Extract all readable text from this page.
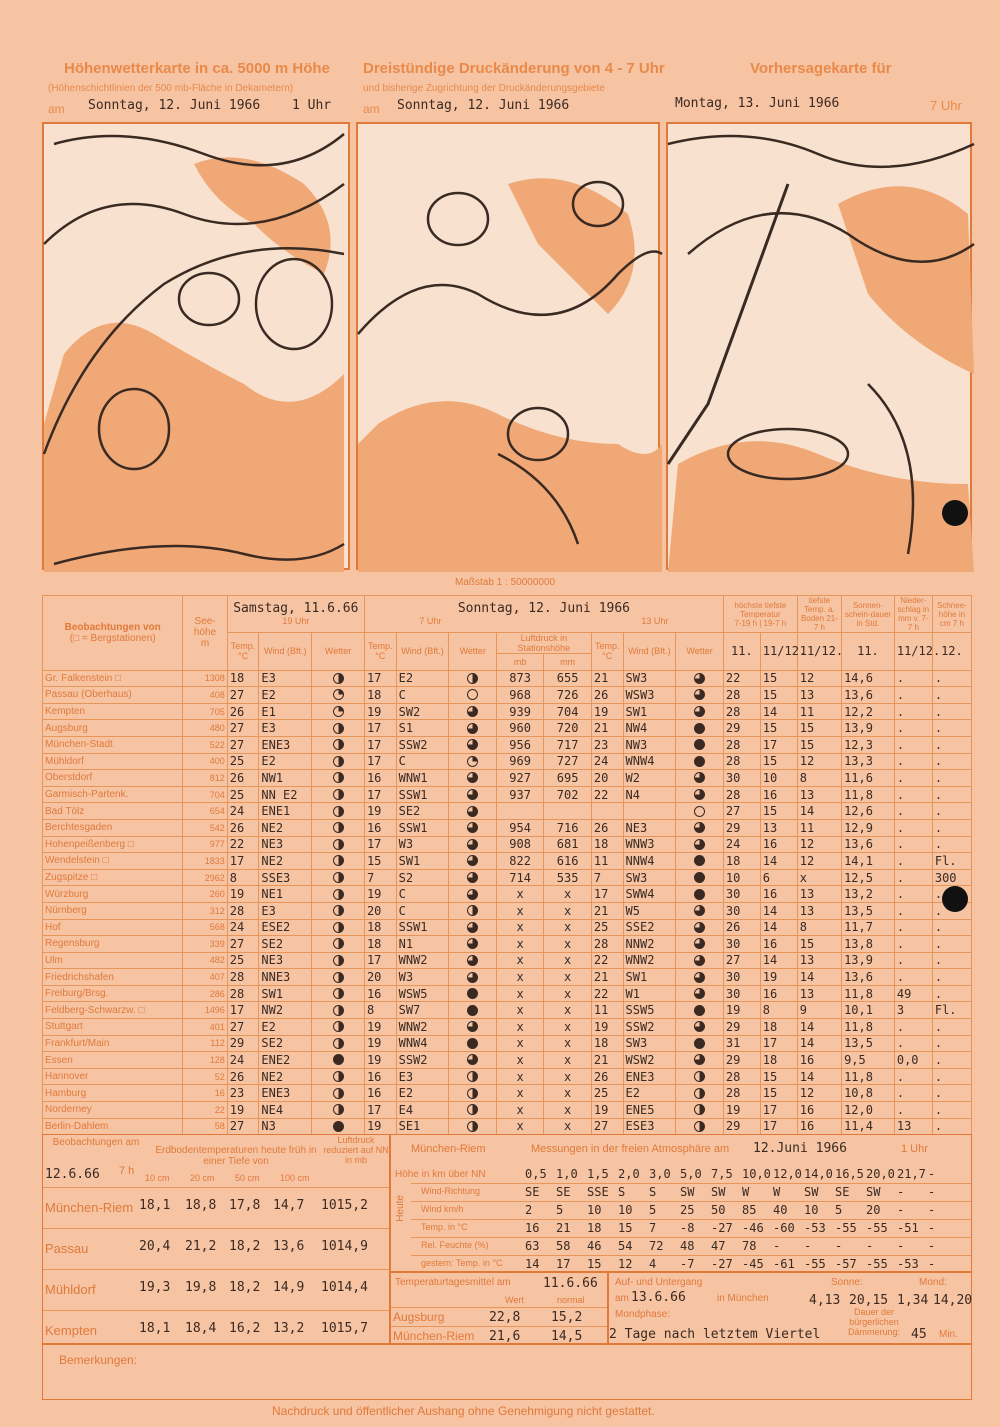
Höhenwetterkarte in ca. 5000 m Höhe
(Höhenschichtlinien der 500 mb-Fläche in Dekametern)
am Sonntag, 12. Juni 1966 1 Uhr
Dreistündige Druckänderung von 4 - 7 Uhr
und bisherige Zugrichtung der Druckänderungsgebiete
am Sonntag, 12. Juni 1966
Vorhersagekarte für
Montag, 13. Juni 1966	7 Uhr
Maßstab 1 : 50000000
Beobachtungen von
(□ = Bergstationen)	See-höhe
m	Samstag, 11.6.66
19 Uhr			Sonntag, 12. Juni 1966
7 Uhr 13 Uhr								höchste tiefste Temperatur
7-19 h | 19-7 h		tiefste Temp. a. Boden 21-7 h	Sonnen-schein-dauer in Std.	Nieder-schlag in mm v. 7-7 h	Schnee-höhe in cm 7 h
		Temp. °C	Wind (Bft.)	Wetter	Temp. °C	Wind (Bft.)	Wetter	Luftdruck in Stationshöhe		Temp. °C	Wind (Bft.)	Wetter	11.	11/12.	11/12.	11.	11/12.	12.
								mb	mm									
Gr. Falkenstein □	1308	18	E3		17	E2		873	655	21	SW3		22	15	12	14,6	.	.
Passau (Oberhaus)	408	27	E2		18	C		968	726	26	WSW3		28	15	13	13,6	.	.
Kempten	705	26	E1		19	SW2		939	704	19	SW1		28	14	11	12,2	.	.
Augsburg	480	27	E3		17	S1		960	720	21	NW4		29	15	15	13,9	.	.
München-Stadt	522	27	ENE3		17	SSW2		956	717	23	NW3		28	17	15	12,3	.	.
Mühldorf	400	25	E2		17	C		969	727	24	WNW4		28	15	12	13,3	.	.
Oberstdorf	812	26	NW1		16	WNW1		927	695	20	W2		30	10	8	11,6	.	.
Garmisch-Partenk.	704	25	NN E2		17	SSW1		937	702	22	N4		28	16	13	11,8	.	.
Bad Tölz	654	24	ENE1		19	SE2							27	15	14	12,6	.	.
Berchtesgaden	542	26	NE2		16	SSW1		954	716	26	NE3		29	13	11	12,9	.	.
Hohenpeißenberg □	977	22	NE3		17	W3		908	681	18	WNW3		24	16	12	13,6	.	.
Wendelstein □	1833	17	NE2		15	SW1		822	616	11	NNW4		18	14	12	14,1	.	Fl.
Zugspitze □	2962	8	SSE3		7	S2		714	535	7	SW3		10	6	x	12,5	.	300
Würzburg	260	19	NE1		19	C		x	x	17	SWW4		30	16	13	13,2	.	.
Nürnberg	312	28	E3		20	C		x	x	21	W5		30	14	13	13,5	.	.
Hof	568	24	ESE2		18	SSW1		x	x	25	SSE2		26	14	8	11,7	.	.
Regensburg	339	27	SE2		18	N1		x	x	28	NNW2		30	16	15	13,8	.	.
Ulm	482	25	NE3		17	WNW2		x	x	22	WNW2		27	14	13	13,9	.	.
Friedrichshafen	407	28	NNE3		20	W3		x	x	21	SW1		30	19	14	13,6	.	.
Freiburg/Brsg.	286	28	SW1		16	WSW5		x	x	22	W1		30	16	13	11,8	49	.
Feldberg-Schwarzw. □	1496	17	NW2		8	SW7		x	x	11	SSW5		19	8	9	10,1	3	Fl.
Stuttgart	401	27	E2		19	WNW2		x	x	19	SSW2		29	18	14	11,8	.	.
Frankfurt/Main	112	29	SE2		19	WNW4		x	x	18	SW3		31	17	14	13,5	.	.
Essen	128	24	ENE2		19	SSW2		x	x	21	WSW2		29	18	16	9,5	0,0	.
Hannover	52	26	NE2		16	E3		x	x	26	ENE3		28	15	14	11,8	.	.
Hamburg	16	23	ENE3		16	E2		x	x	25	E2		28	15	12	10,8	.	.
Norderney	22	19	NE4		17	E4		x	x	19	ENE5		19	17	16	12,0	.	.
Berlin-Dahlem	58	27	N3		19	SE1		x	x	27	ESE3		29	17	16	11,4	13	.
Beobachtungen am
12.6.66 7 h
Erdbodentemperaturen heute früh in einer Tiefe von
Luftdruck reduziert auf NN in mb
10 cm 20 cm 50 cm 100 cm
München-Riem 18,1 18,8 17,8 14,7 1015,2
Passau	20,4 21,2 18,2 13,6 1014,9
Mühldorf	19,3 19,8 18,2 14,9 1014,4
Kempten	18,1 18,4 16,2 13,2 1015,7
München-Riem	Messungen in der freien Atmosphäre am 12.Juni 1966	1 Uhr
Höhe in km über NN
Heute
0,5 1,0 1,5 2,0 3,0 5,0 7,5 10,0 12,0 14,0 16,5 20,0 21,7 -
Wind-Richtung	SE SE SSE S S SW SW W W SW SE SW - -
Wind km/h	2 5 10 10 5 25 50 85 40 10 5 20 - -
Temp. in °C	16 21 18 15 7 -8 -27 -46 -60 -53 -55 -55 -51 -
Rel. Feuchte (%)	63 58 46 54 72 48 47 78 - - - - - -
gestern: Temp. in °C 14 17 15 12 4 -7 -27 -45 -61 -55 -57 -55 -53 -
Temperaturtagesmittel am 11.6.66
Wert	normal
Augsburg	22,8 15,2
München-Riem 21,6 14,5
Auf- und Untergang
am 13.6.66	in München
Sonne:	Mond:
4,13 20,15 1,34 14,20
Mondphase:
2 Tage nach letztem Viertel
Dauer der bürgerlichen Dämmerung: 45 Min.
Bemerkungen:
Nachdruck und öffentlicher Aushang ohne Genehmigung nicht gestattet.
